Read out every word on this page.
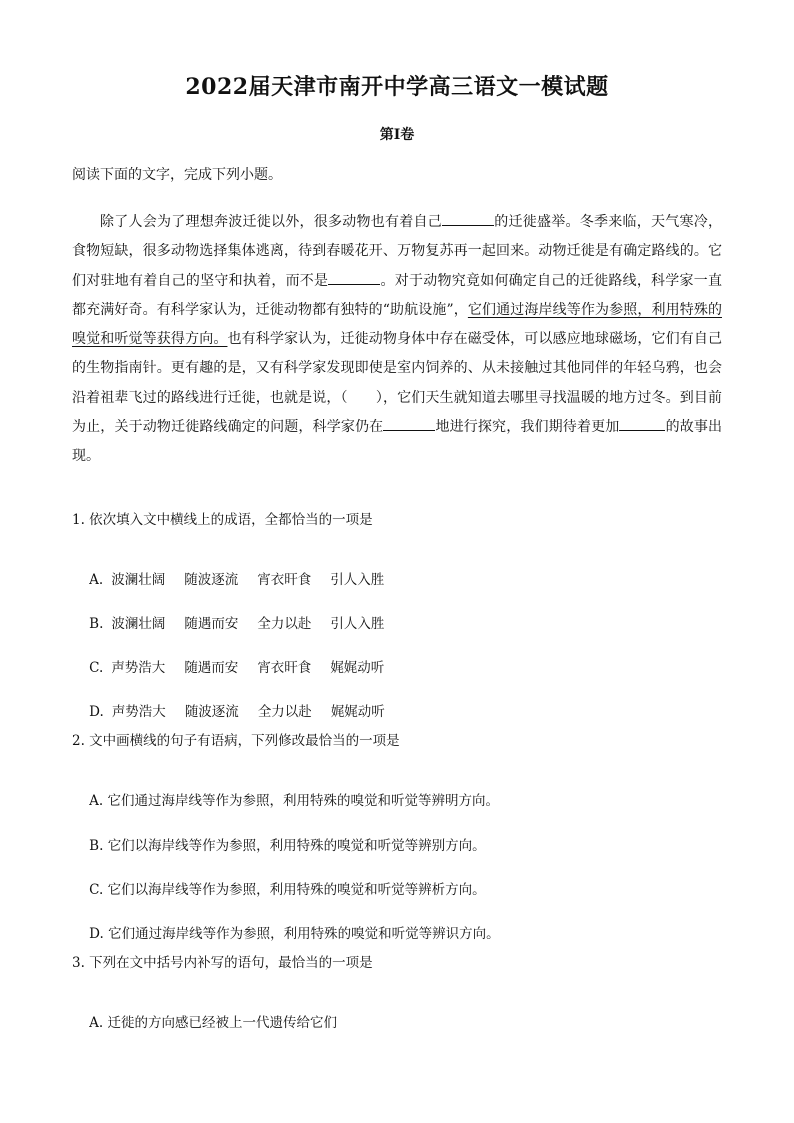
2022届天津市南开中学高三语文一模试题
第I卷
阅读下面的文字，完成下列小题。

除了人会为了理想奔波迁徙以外，很多动物也有着自己	的迁徙盛举。冬季来临，天气寒冷，食物短缺，很多动物选择集体逃离，待到春暖花开、万物复苏再一起回来。动物迁徙是有确定路线的。它们对驻地有着自己的坚守和执着，而不是	。对于动物究竟如何确定自己的迁徙路线，科学家一直都充满好奇。有科学家认为，迁徙动物都有独特的“助航设施”，它们通过海岸线等作为参照，利用特殊的嗅觉和听觉等获得方向。也有科学家认为，迁徙动物身体中存在磁受体，可以感应地球磁场，它们有自己的生物指南针。更有趣的是，又有科学家发现即使是室内饲养的、从未接触过其他同伴的年轻乌鸦，也会沿着祖辈飞过的路线进行迁徙，也就是说，（　　），它们天生就知道去哪里寻找温暖的地方过冬。到目前为止，关于动物迁徙路线确定的问题，科学家仍在	地进行探究，我们期待着更加	的故事出现。

1. 依次填入文中横线上的成语，全都恰当的一项是

A. 波澜壮阔 随波逐流 宵衣旰食 引人入胜

B. 波澜壮阔 随遇而安 全力以赴 引人入胜

C. 声势浩大 随遇而安 宵衣旰食 娓娓动听

D. 声势浩大 随波逐流 全力以赴 娓娓动听

2. 文中画横线的句子有语病，下列修改最恰当的一项是

A. 它们通过海岸线等作为参照，利用特殊的嗅觉和听觉等辨明方向。

B. 它们以海岸线等作为参照，利用特殊的嗅觉和听觉等辨别方向。

C. 它们以海岸线等作为参照，利用特殊的嗅觉和听觉等辨析方向。

D. 它们通过海岸线等作为参照，利用特殊的嗅觉和听觉等辨识方向。

3. 下列在文中括号内补写的语句，最恰当的一项是

A. 迁徙的方向感已经被上一代遗传给它们
